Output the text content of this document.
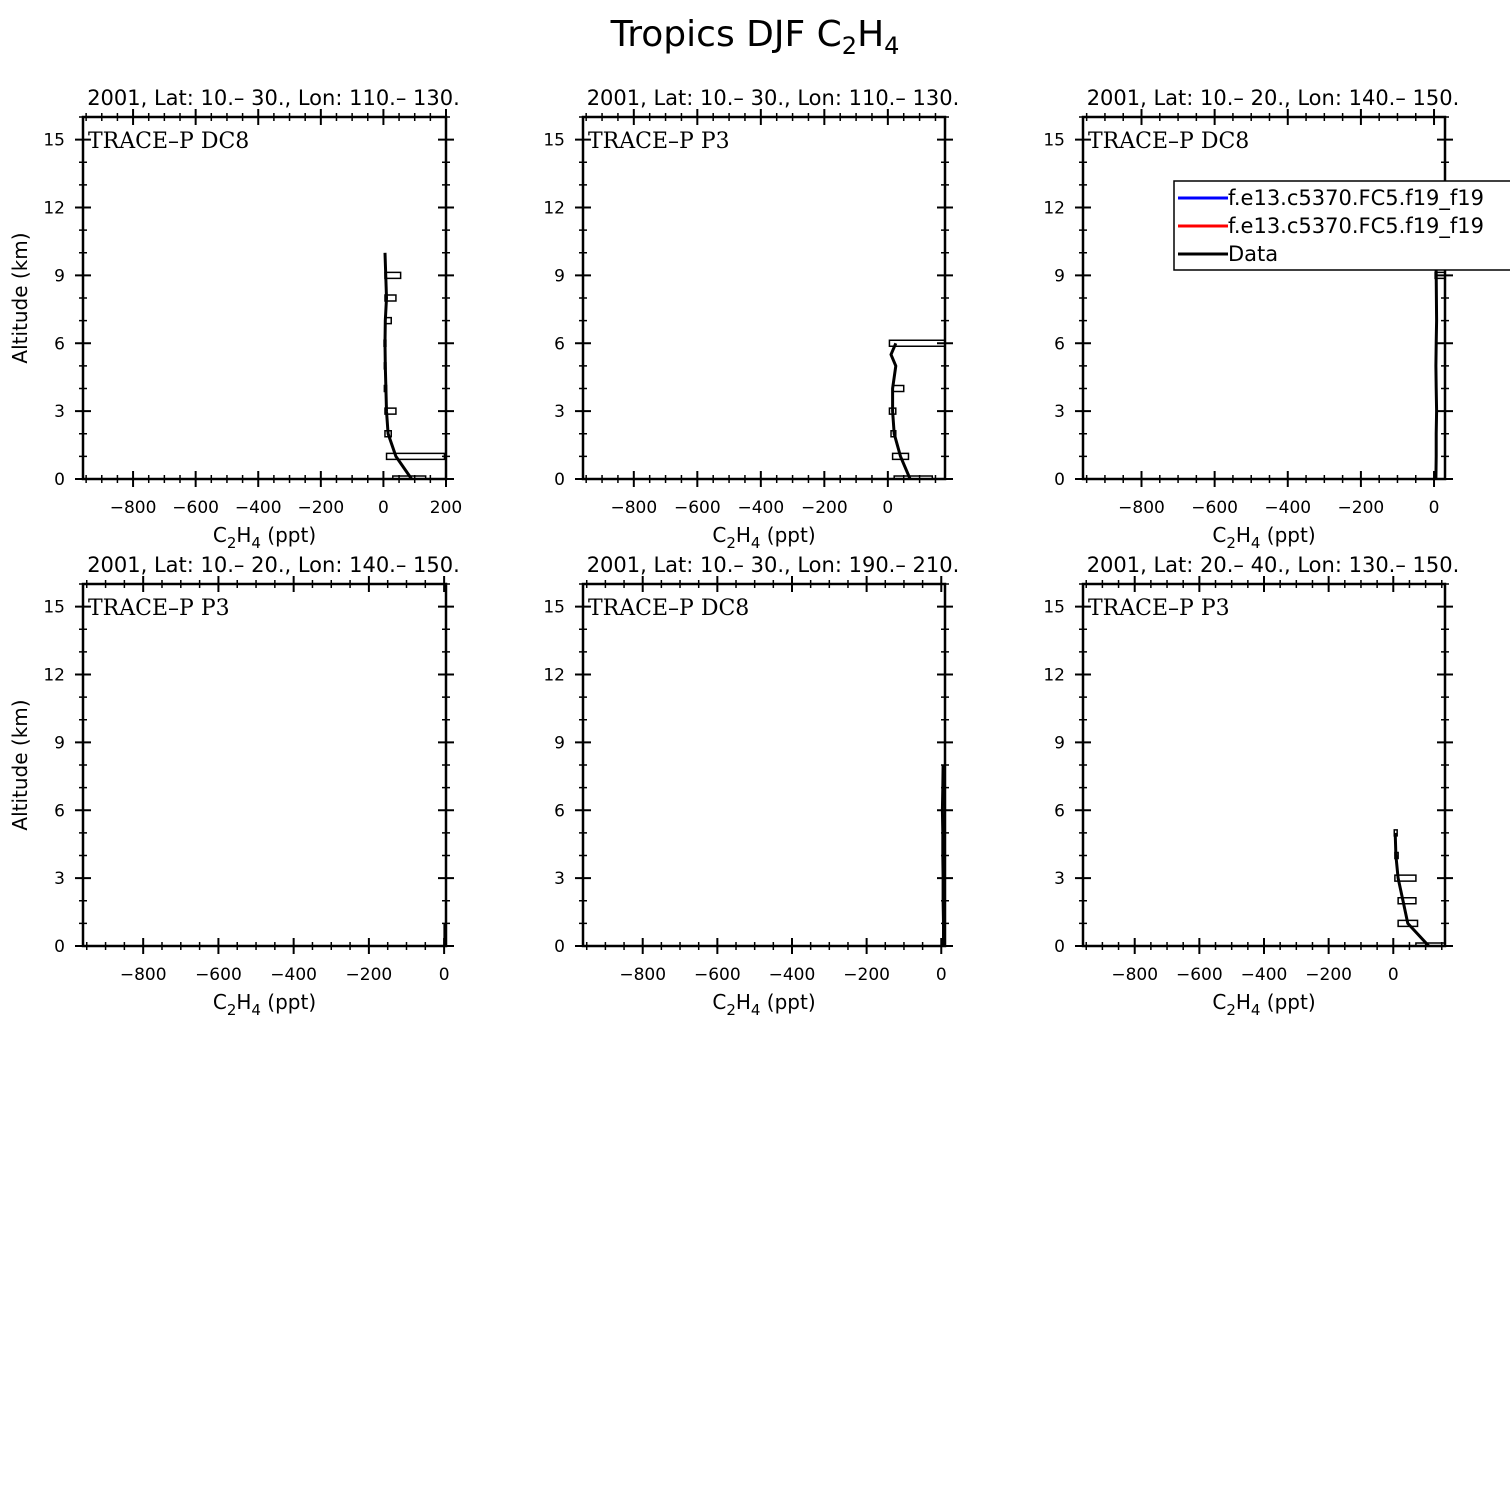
Tropics DJF $C_2H_4$
0
3
6
9
12
15
−800 −600 −400 −200 0 200
2001, Lat: 10.– 30., Lon: 110.– 130.
TRACE–P DC8
$C_2H_4$ (ppt)
Altitude (km)
0
3
6
9
12
15
−800 −600 −400 −200 0
2001, Lat: 10.– 30., Lon: 110.– 130.
TRACE–P P3
$C_2H_4$ (ppt)
0
3
6
9
12
15
−800 −600 −400 −200	0
2001, Lat: 10.– 20., Lon: 140.– 150.
TRACE–P DC8
$C_2H_4$ (ppt)
0
3
6
9
12
15
−800 −600 −400 −200	0
2001, Lat: 10.– 20., Lon: 140.– 150.
TRACE–P P3
$C_2H_4$ (ppt)
Altitude (km)
0
3
6
9
12
15
−800 −600 −400 −200	0
2001, Lat: 10.– 30., Lon: 190.– 210.
TRACE–P DC8
$C_2H_4$ (ppt)
0
3
6
9
12
15
−800 −600 −400 −200 0
2001, Lat: 20.– 40., Lon: 130.– 150.
TRACE–P P3
$C_2H_4$ (ppt)
f.e13.c5370.FC5.f19_f19
f.e13.c5370.FC5.f19_f19
Data
